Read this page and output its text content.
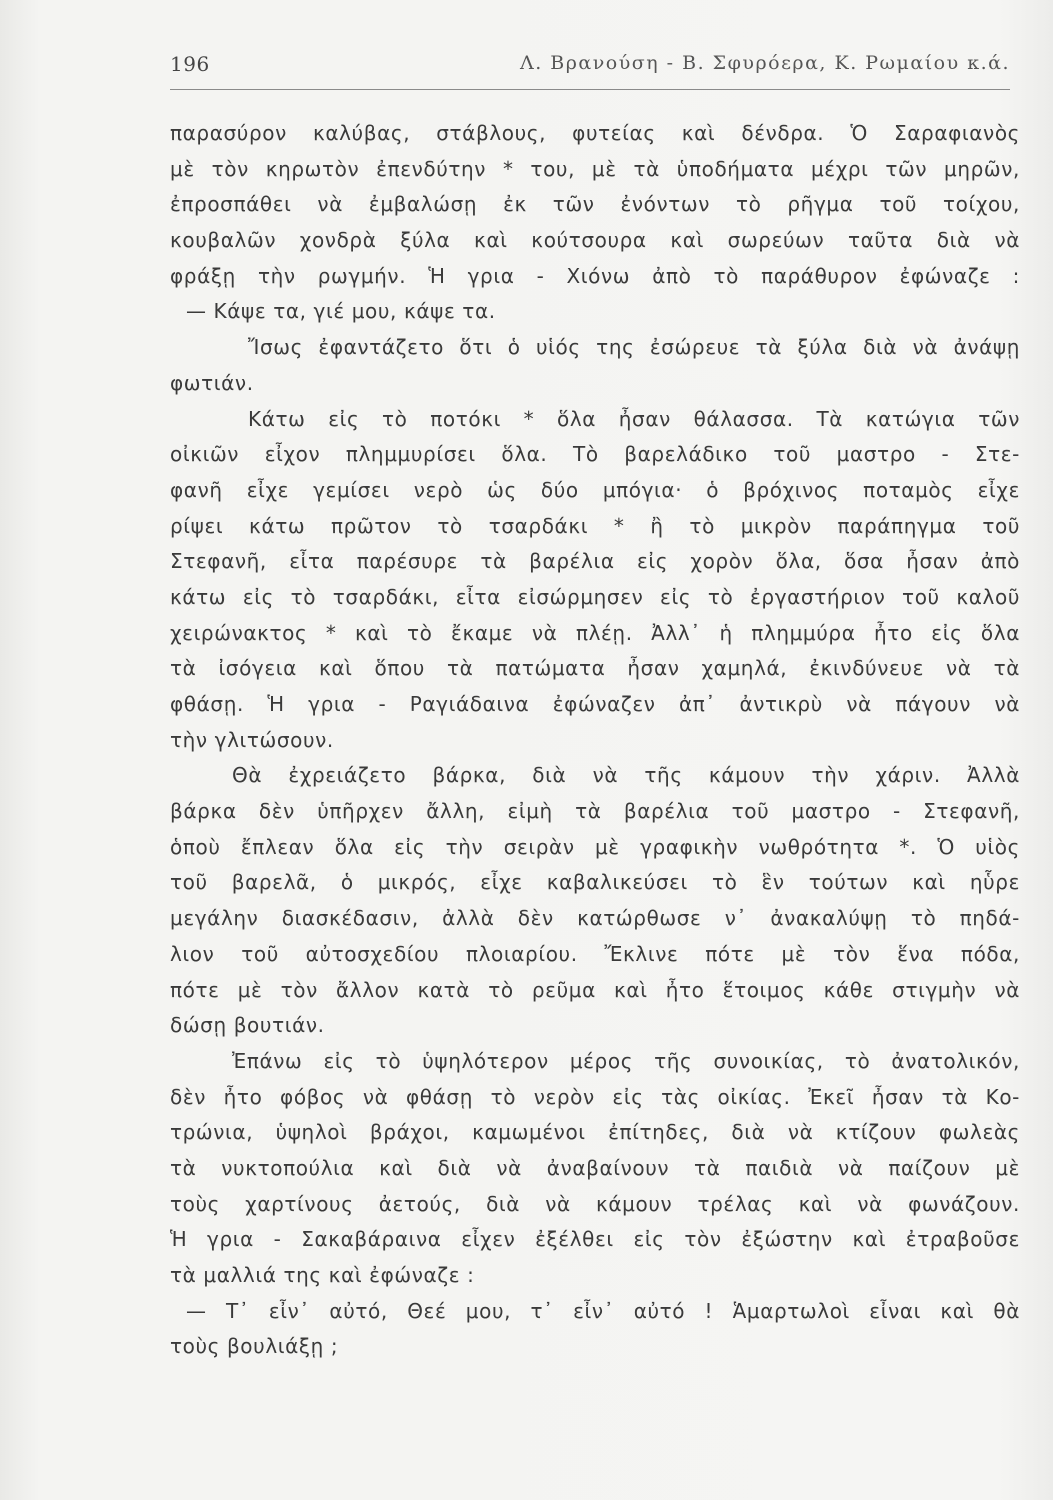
196	Λ. Βρανούση - Β. Σφυρόερα, Κ. Ρωμαίου κ.ά.
παρασύρον καλύβας, στάβλους, φυτείας καὶ δένδρα. Ὁ Σαραφιανὸς
μὲ τὸν κηρωτὸν ἐπενδύτην * του, μὲ τὰ ὑποδήματα μέχρι τῶν μηρῶν,
ἐπροσπάθει νὰ ἐμβαλώσῃ ἐκ τῶν ἐνόντων τὸ ρῆγμα τοῦ τοίχου,
κουβαλῶν χονδρὰ ξύλα καὶ κούτσουρα καὶ σωρεύων ταῦτα διὰ νὰ
φράξῃ τὴν ρωγμήν. Ἡ γρια - Χιόνω ἀπὸ τὸ παράθυρον ἐφώναζε :
— Κάψε τα, γιέ μου, κάψε τα.
Ἴσως ἐφαντάζετο ὅτι ὁ υἱός της ἐσώρευε τὰ ξύλα διὰ νὰ ἀνάψῃ
φωτιάν.
Κάτω εἰς τὸ ποτόκι * ὅλα ἦσαν θάλασσα. Τὰ κατώγια τῶν
οἰκιῶν εἶχον πλημμυρίσει ὅλα. Τὸ βαρελάδικο τοῦ μαστρο - Στε-
φανῆ εἶχε γεμίσει νερὸ ὡς δύο μπόγια· ὁ βρόχινος ποταμὸς εἶχε
ρίψει κάτω πρῶτον τὸ τσαρδάκι * ἢ τὸ μικρὸν παράπηγμα τοῦ
Στεφανῆ, εἶτα παρέσυρε τὰ βαρέλια εἰς χορὸν ὅλα, ὅσα ἦσαν ἀπὸ
κάτω εἰς τὸ τσαρδάκι, εἶτα εἰσώρμησεν εἰς τὸ ἐργαστήριον τοῦ καλοῦ
χειρώνακτος * καὶ τὸ ἔκαμε νὰ πλέῃ. Ἀλλ᾽ ἡ πλημμύρα ἦτο εἰς ὅλα
τὰ ἰσόγεια καὶ ὅπου τὰ πατώματα ἦσαν χαμηλά, ἐκινδύνευε νὰ τὰ
φθάσῃ. Ἡ γρια - Ραγιάδαινα ἐφώναζεν ἀπ᾽ ἀντικρὺ νὰ πάγουν νὰ
τὴν γλιτώσουν.
Θὰ ἐχρειάζετο βάρκα, διὰ νὰ τῆς κάμουν τὴν χάριν. Ἀλλὰ
βάρκα δὲν ὑπῆρχεν ἄλλη, εἰμὴ τὰ βαρέλια τοῦ μαστρο - Στεφανῆ,
ὁποὺ ἔπλεαν ὅλα εἰς τὴν σειρὰν μὲ γραφικὴν νωθρότητα *. Ὁ υἱὸς
τοῦ βαρελᾶ, ὁ μικρός, εἶχε καβαλικεύσει τὸ ἓν τούτων καὶ ηὗρε
μεγάλην διασκέδασιν, ἀλλὰ δὲν κατώρθωσε ν᾽ ἀνακαλύψῃ τὸ πηδά-
λιον τοῦ αὐτοσχεδίου πλοιαρίου. Ἔκλινε πότε μὲ τὸν ἕνα πόδα,
πότε μὲ τὸν ἄλλον κατὰ τὸ ρεῦμα καὶ ἦτο ἕτοιμος κάθε στιγμὴν νὰ
δώσῃ βουτιάν.
Ἐπάνω εἰς τὸ ὑψηλότερον μέρος τῆς συνοικίας, τὸ ἀνατολικόν,
δὲν ἦτο φόβος νὰ φθάσῃ τὸ νερὸν εἰς τὰς οἰκίας. Ἐκεῖ ἦσαν τὰ Κο-
τρώνια, ὑψηλοὶ βράχοι, καμωμένοι ἐπίτηδες, διὰ νὰ κτίζουν φωλεὰς
τὰ νυκτοπούλια καὶ διὰ νὰ ἀναβαίνουν τὰ παιδιὰ νὰ παίζουν μὲ
τοὺς χαρτίνους ἀετούς, διὰ νὰ κάμουν τρέλας καὶ νὰ φωνάζουν.
Ἡ γρια - Σακαβάραινα εἶχεν ἐξέλθει εἰς τὸν ἐξώστην καὶ ἐτραβοῦσε
τὰ μαλλιά της καὶ ἐφώναζε :
— Τ᾽ εἶν᾽ αὐτό, Θεέ μου, τ᾽ εἶν᾽ αὐτό ! Ἁμαρτωλοὶ εἶναι καὶ θὰ
τοὺς βουλιάξῃ ;
